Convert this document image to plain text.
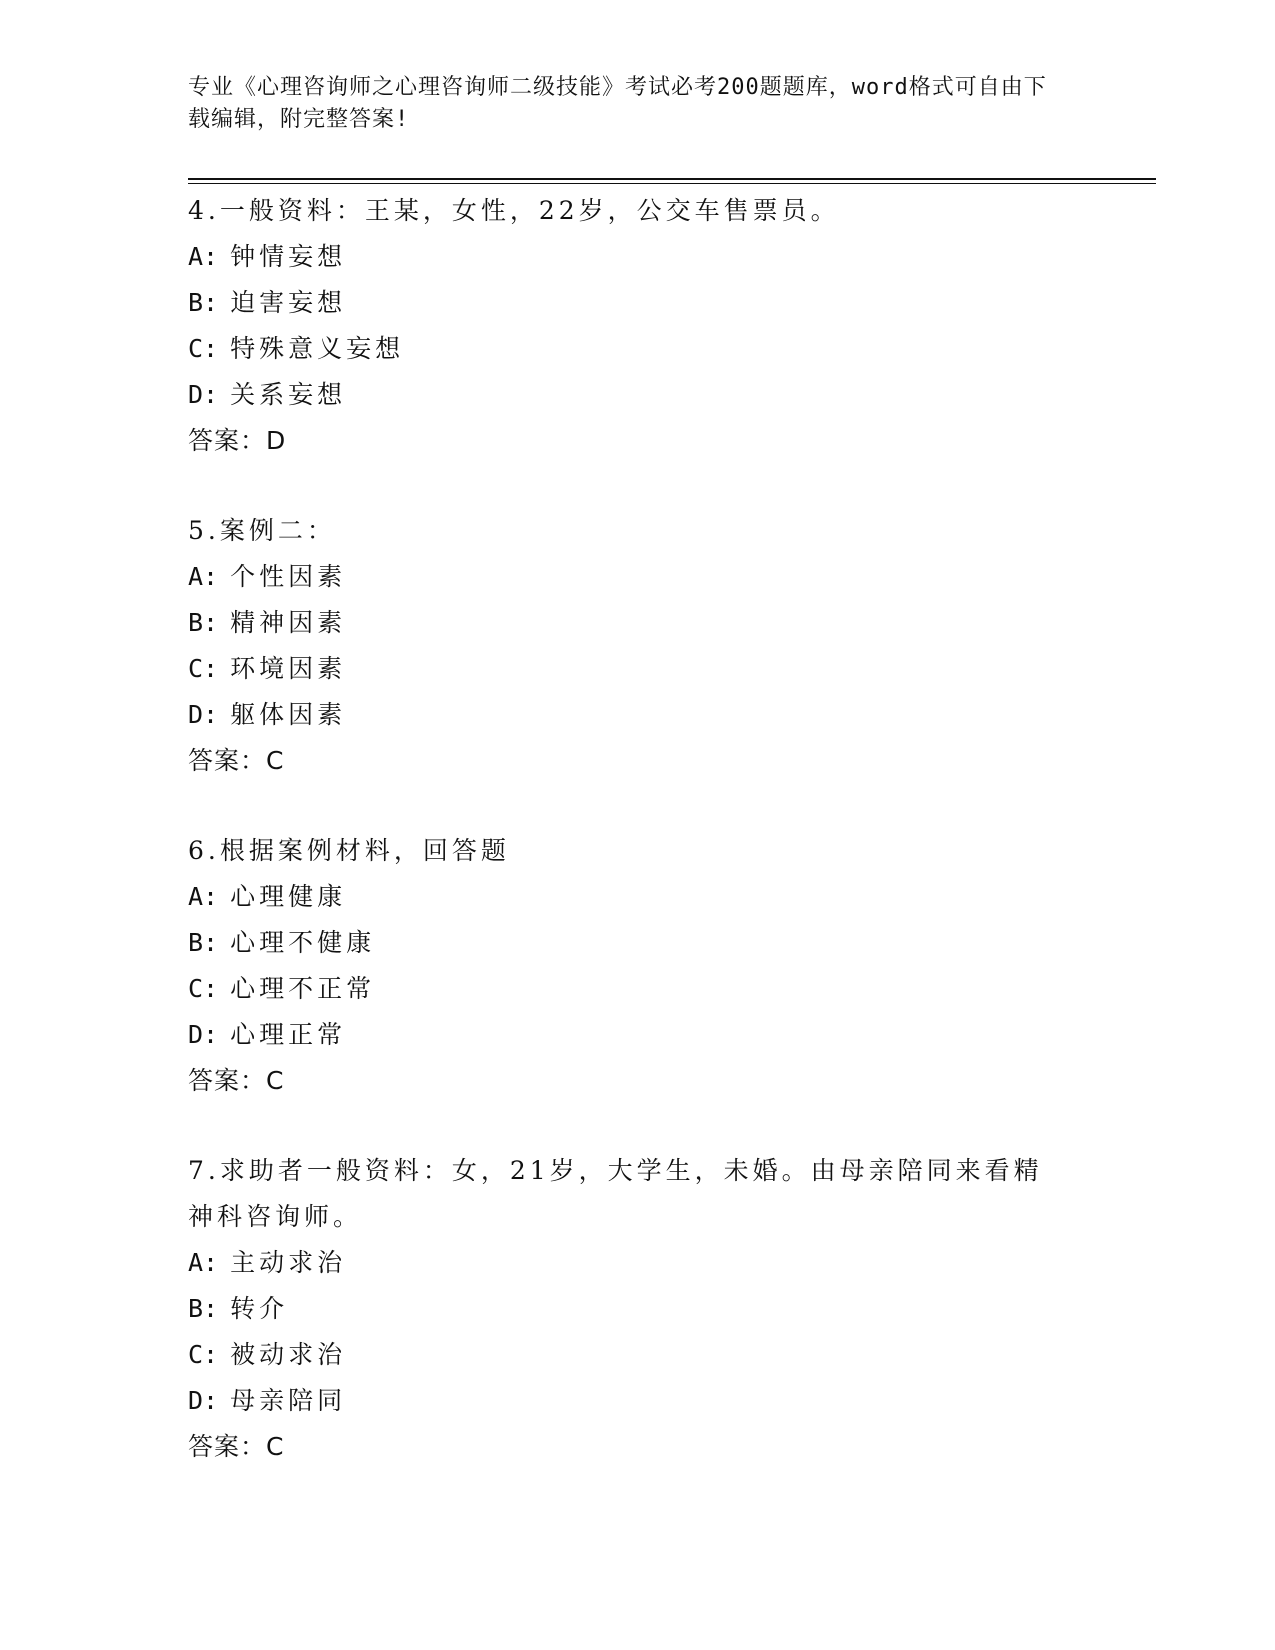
专业《心理咨询师之心理咨询师二级技能》考试必考200题题库，word格式可自由下载编辑，附完整答案!
4.一般资料：王某，女性，22岁，公交车售票员。
A: 钟情妄想
B: 迫害妄想
C: 特殊意义妄想
D: 关系妄想
答案：D
5.案例二：
A: 个性因素
B: 精神因素
C: 环境因素
D: 躯体因素
答案：C
6.根据案例材料，回答题
A: 心理健康
B: 心理不健康
C: 心理不正常
D: 心理正常
答案：C
7.求助者一般资料：女，21岁，大学生，未婚。由母亲陪同来看精神科咨询师。
A: 主动求治
B: 转介
C: 被动求治
D: 母亲陪同
答案：C
